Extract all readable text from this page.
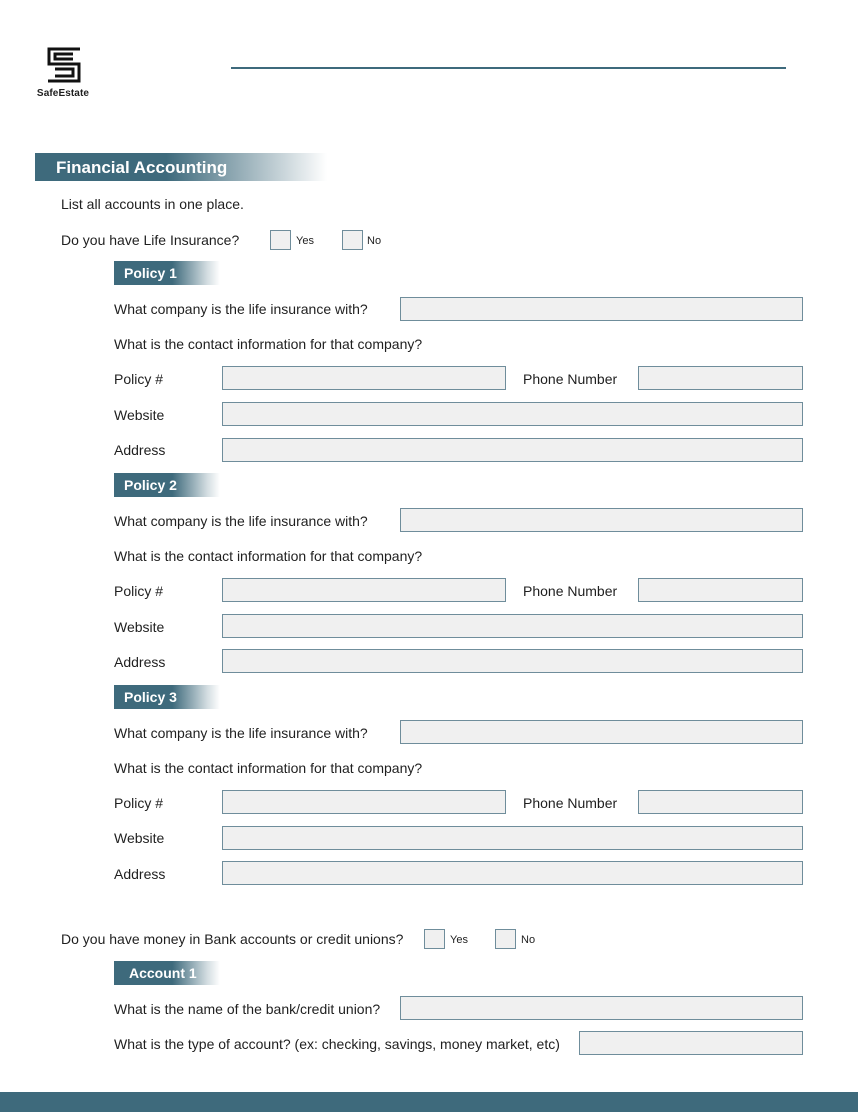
SafeEstate
Financial Accounting
List all accounts in one place.
Do you have Life Insurance?	Yes	No
Policy 1
What company is the life insurance with?
What is the contact information for that company?
Policy #	Phone Number
Website
Address
Policy 2
What company is the life insurance with?
What is the contact information for that company?
Policy #	Phone Number
Website
Address
Policy 3
What company is the life insurance with?
What is the contact information for that company?
Policy #	Phone Number
Website
Address
Do you have money in Bank accounts or credit unions?	Yes	No
Account 1
What is the name of the bank/credit union?
What is the type of account? (ex: checking, savings, money market, etc)
